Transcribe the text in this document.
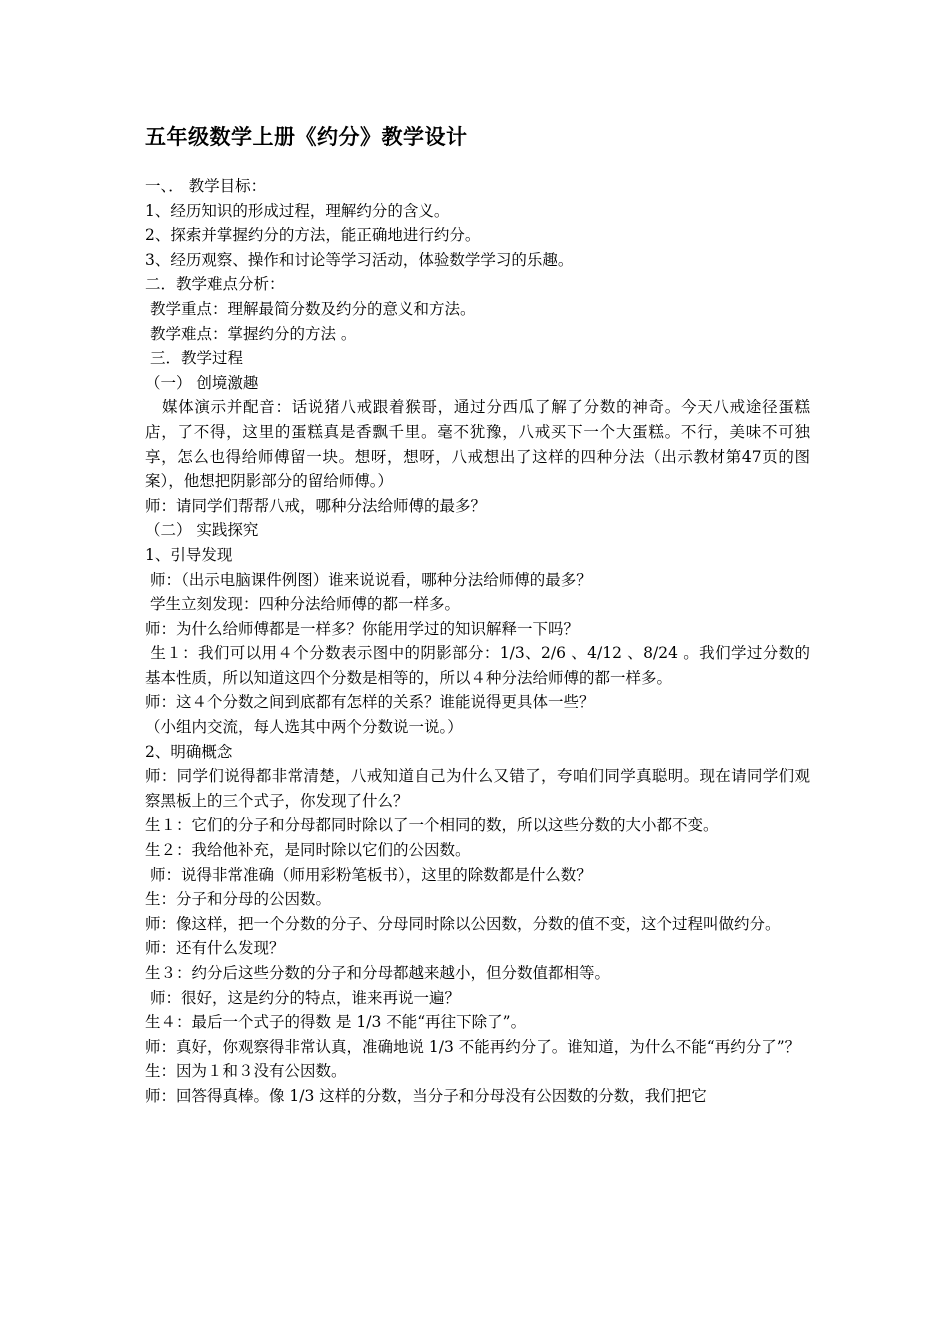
五年级数学上册《约分》教学设计

一、． 教学目标：

1、经历知识的形成过程，理解约分的含义。

2、探索并掌握约分的方法，能正确地进行约分。

3、经历观察、操作和讨论等学习活动，体验数学学习的乐趣。

二．教学难点分析：

教学重点：理解最简分数及约分的意义和方法。

教学难点：掌握约分的方法 。

三．教学过程

（一） 创境激趣

媒体演示并配音：话说猪八戒跟着猴哥，通过分西瓜了解了分数的神奇。今天八戒途径蛋糕店，了不得，这里的蛋糕真是香飘千里。毫不犹豫，八戒买下一个大蛋糕。不行，美味不可独享，怎么也得给师傅留一块。想呀，想呀，八戒想出了这样的四种分法（出示教材第47页的图案），他想把阴影部分的留给师傅。）

师：请同学们帮帮八戒，哪种分法给师傅的最多？

（二） 实践探究

1、引导发现

师：（出示电脑课件例图）谁来说说看，哪种分法给师傅的最多？

学生立刻发现：四种分法给师傅的都一样多。

师：为什么给师傅都是一样多？你能用学过的知识解释一下吗？

生１：我们可以用４个分数表示图中的阴影部分：1/3、2/6 、4/12 、8/24 。我们学过分数的基本性质，所以知道这四个分数是相等的，所以４种分法给师傅的都一样多。

师：这４个分数之间到底都有怎样的关系？谁能说得更具体一些？

（小组内交流，每人选其中两个分数说一说。）

2、明确概念

师：同学们说得都非常清楚，八戒知道自己为什么又错了，夸咱们同学真聪明。现在请同学们观察黑板上的三个式子，你发现了什么？

生１：它们的分子和分母都同时除以了一个相同的数，所以这些分数的大小都不变。

生２：我给他补充，是同时除以它们的公因数。

师：说得非常准确（师用彩粉笔板书），这里的除数都是什么数？

生：分子和分母的公因数。

师：像这样，把一个分数的分子、分母同时除以公因数，分数的值不变，这个过程叫做约分。

师：还有什么发现？

生３：约分后这些分数的分子和分母都越来越小，但分数值都相等。

师：很好，这是约分的特点，谁来再说一遍？

生４：最后一个式子的得数 是 1/3 不能“再往下除了”。

师：真好，你观察得非常认真，准确地说 1/3 不能再约分了。谁知道，为什么不能“再约分了”？

生：因为１和３没有公因数。

师：回答得真棒。像 1/3 这样的分数，当分子和分母没有公因数的分数，我们把它
